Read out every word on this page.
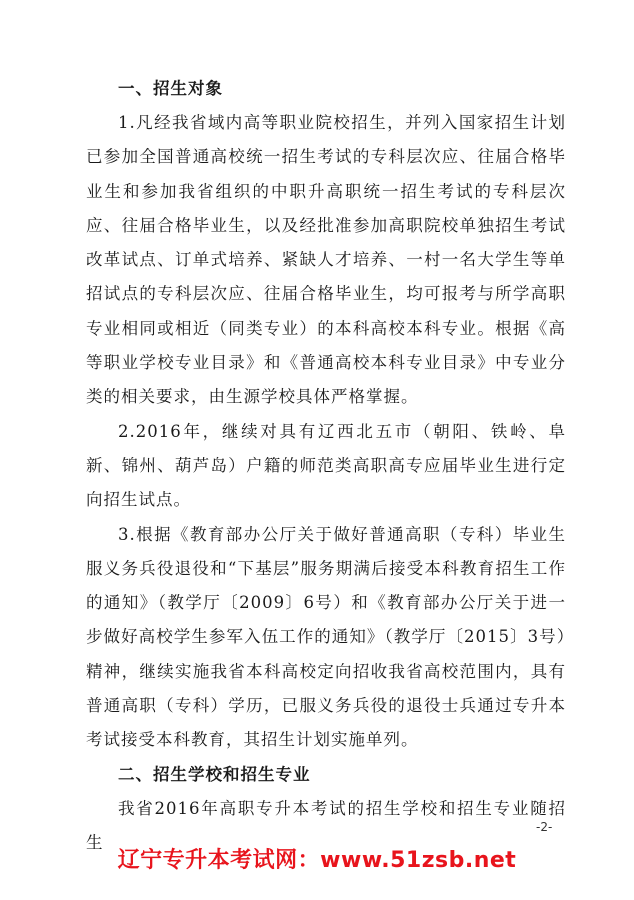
一、招生对象

1.凡经我省域内高等职业院校招生，并列入国家招生计划已参加全国普通高校统一招生考试的专科层次应、往届合格毕业生和参加我省组织的中职升高职统一招生考试的专科层次应、往届合格毕业生，以及经批准参加高职院校单独招生考试改革试点、订单式培养、紧缺人才培养、一村一名大学生等单招试点的专科层次应、往届合格毕业生，均可报考与所学高职专业相同或相近（同类专业）的本科高校本科专业。根据《高等职业学校专业目录》和《普通高校本科专业目录》中专业分类的相关要求，由生源学校具体严格掌握。

2.2016年，继续对具有辽西北五市（朝阳、铁岭、阜新、锦州、葫芦岛）户籍的师范类高职高专应届毕业生进行定向招生试点。

3.根据《教育部办公厅关于做好普通高职（专科）毕业生服义务兵役退役和“下基层”服务期满后接受本科教育招生工作的通知》（教学厅〔2009〕6号）和《教育部办公厅关于进一步做好高校学生参军入伍工作的通知》（教学厅〔2015〕3号）精神，继续实施我省本科高校定向招收我省高校范围内，具有普通高职（专科）学历，已服义务兵役的退役士兵通过专升本考试接受本科教育，其招生计划实施单列。

二、招生学校和招生专业

我省2016年高职专升本考试的招生学校和招生专业随招生

-2-
辽宁专升本考试网：www.51zsb.net
